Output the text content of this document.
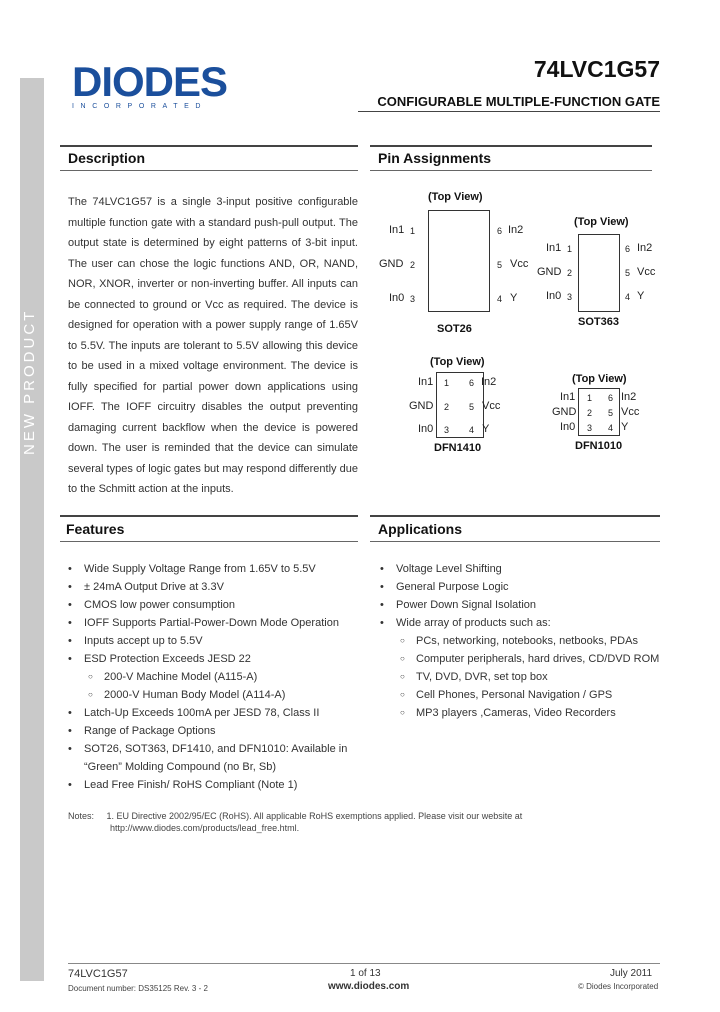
DIODES
INCORPORATED
74LVC1G57
CONFIGURABLE MULTIPLE-FUNCTION GATE
Description
The 74LVC1G57 is a single 3-input positive configurable multiple function gate with a standard push-pull output. The output state is determined by eight patterns of 3-bit input. The user can chose the logic functions AND, OR, NAND, NOR, XNOR, inverter or non-inverting buffer. All inputs can be connected to ground or Vcc as required. The device is designed for operation with a power supply range of 1.65V to 5.5V. The inputs are tolerant to 5.5V allowing this device to be used in a mixed voltage environment. The device is fully specified for partial power down applications using IOFF. The IOFF circuitry disables the output preventing damaging current backflow when the device is powered down. The user is reminded that the device can simulate several types of logic gates but may respond differently due to the Schmitt action at the inputs.
Pin Assignments
(Top View)
In1 1
GND 2
In0 3
6 In2
5 Vcc
4 Y
SOT26
(Top View)
In1 1
GND 2
In0 3
6 In2
5 Vcc
4 Y
SOT363
(Top View)
In1 1
GND 2
In0 3
6 In2
5 Vcc
4 Y
DFN1410
(Top View)
In1 1
GND 2
In0 3
6 In2
5 Vcc
4 Y
DFN1010
Features
• Wide Supply Voltage Range from 1.65V to 5.5V
• ± 24mA Output Drive at 3.3V
• CMOS low power consumption
• IOFF Supports Partial-Power-Down Mode Operation
• Inputs accept up to 5.5V
• ESD Protection Exceeds JESD 22
○ 200-V Machine Model (A115-A)
○ 2000-V Human Body Model (A114-A)
• Latch-Up Exceeds 100mA per JESD 78, Class II
• Range of Package Options
• SOT26, SOT363, DF1410, and DFN1010: Available in
“Green” Molding Compound (no Br, Sb)
• Lead Free Finish/ RoHS Compliant (Note 1)
Applications
• Voltage Level Shifting
• General Purpose Logic
• Power Down Signal Isolation
• Wide array of products such as:
○ PCs, networking, notebooks, netbooks, PDAs
○ Computer peripherals, hard drives, CD/DVD ROM
○ TV, DVD, DVR, set top box
○ Cell Phones, Personal Navigation / GPS
○ MP3 players ,Cameras, Video Recorders
Notes: 1. EU Directive 2002/95/EC (RoHS). All applicable RoHS exemptions applied. Please visit our website at
http://www.diodes.com/products/lead_free.html.
74LVC1G57
Document number: DS35125 Rev. 3 - 2
1 of 13
www.diodes.com
July 2011
© Diodes Incorporated
